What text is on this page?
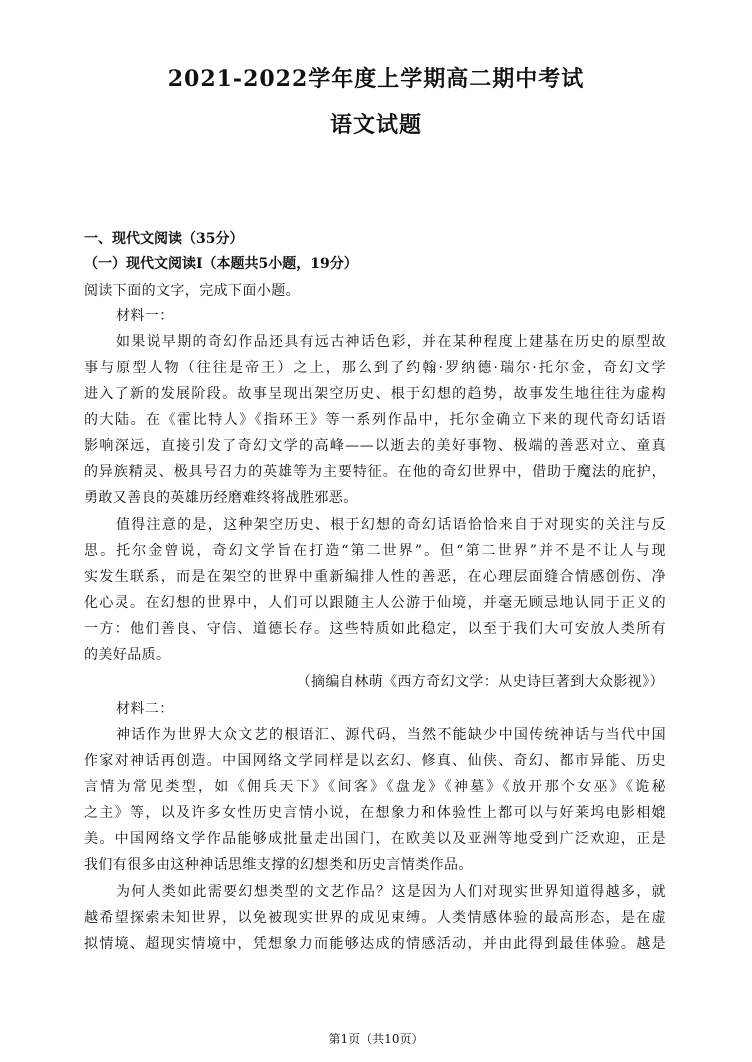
2021-2022学年度上学期高二期中考试
语文试题
一、现代文阅读（35分）
（一）现代文阅读Ⅰ（本题共5小题，19分）
阅读下面的文字，完成下面小题。
材料一：
如果说早期的奇幻作品还具有远古神话色彩，并在某种程度上建基在历史的原型故
事与原型人物（往往是帝王）之上，那么到了约翰·罗纳德·瑞尔·托尔金，奇幻文学
进入了新的发展阶段。故事呈现出架空历史、根于幻想的趋势，故事发生地往往为虚构
的大陆。在《霍比特人》《指环王》等一系列作品中，托尔金确立下来的现代奇幻话语
影响深远，直接引发了奇幻文学的高峰——以逝去的美好事物、极端的善恶对立、童真
的异族精灵、极具号召力的英雄等为主要特征。在他的奇幻世界中，借助于魔法的庇护，
勇敢又善良的英雄历经磨难终将战胜邪恶。
值得注意的是，这种架空历史、根于幻想的奇幻话语恰恰来自于对现实的关注与反
思。托尔金曾说，奇幻文学旨在打造“第二世界”。但“第二世界”并不是不让人与现
实发生联系，而是在架空的世界中重新编排人性的善恶，在心理层面缝合情感创伤、净
化心灵。在幻想的世界中，人们可以跟随主人公游于仙境，并毫无顾忌地认同于正义的
一方：他们善良、守信、道德长存。这些特质如此稳定，以至于我们大可安放人类所有
的美好品质。
（摘编自林萌《西方奇幻文学：从史诗巨著到大众影视》）
材料二：
神话作为世界大众文艺的根语汇、源代码，当然不能缺少中国传统神话与当代中国
作家对神话再创造。中国网络文学同样是以玄幻、修真、仙侠、奇幻、都市异能、历史
言情为常见类型，如《佣兵天下》《间客》《盘龙》《神墓》《放开那个女巫》《诡秘
之主》等，以及许多女性历史言情小说，在想象力和体验性上都可以与好莱坞电影相媲
美。中国网络文学作品能够成批量走出国门，在欧美以及亚洲等地受到广泛欢迎，正是
我们有很多由这种神话思维支撑的幻想类和历史言情类作品。
为何人类如此需要幻想类型的文艺作品？这是因为人们对现实世界知道得越多，就
越希望探索未知世界，以免被现实世界的成见束缚。人类情感体验的最高形态，是在虚
拟情境、超现实情境中，凭想象力而能够达成的情感活动，并由此得到最佳体验。越是
第1页（共10页）
